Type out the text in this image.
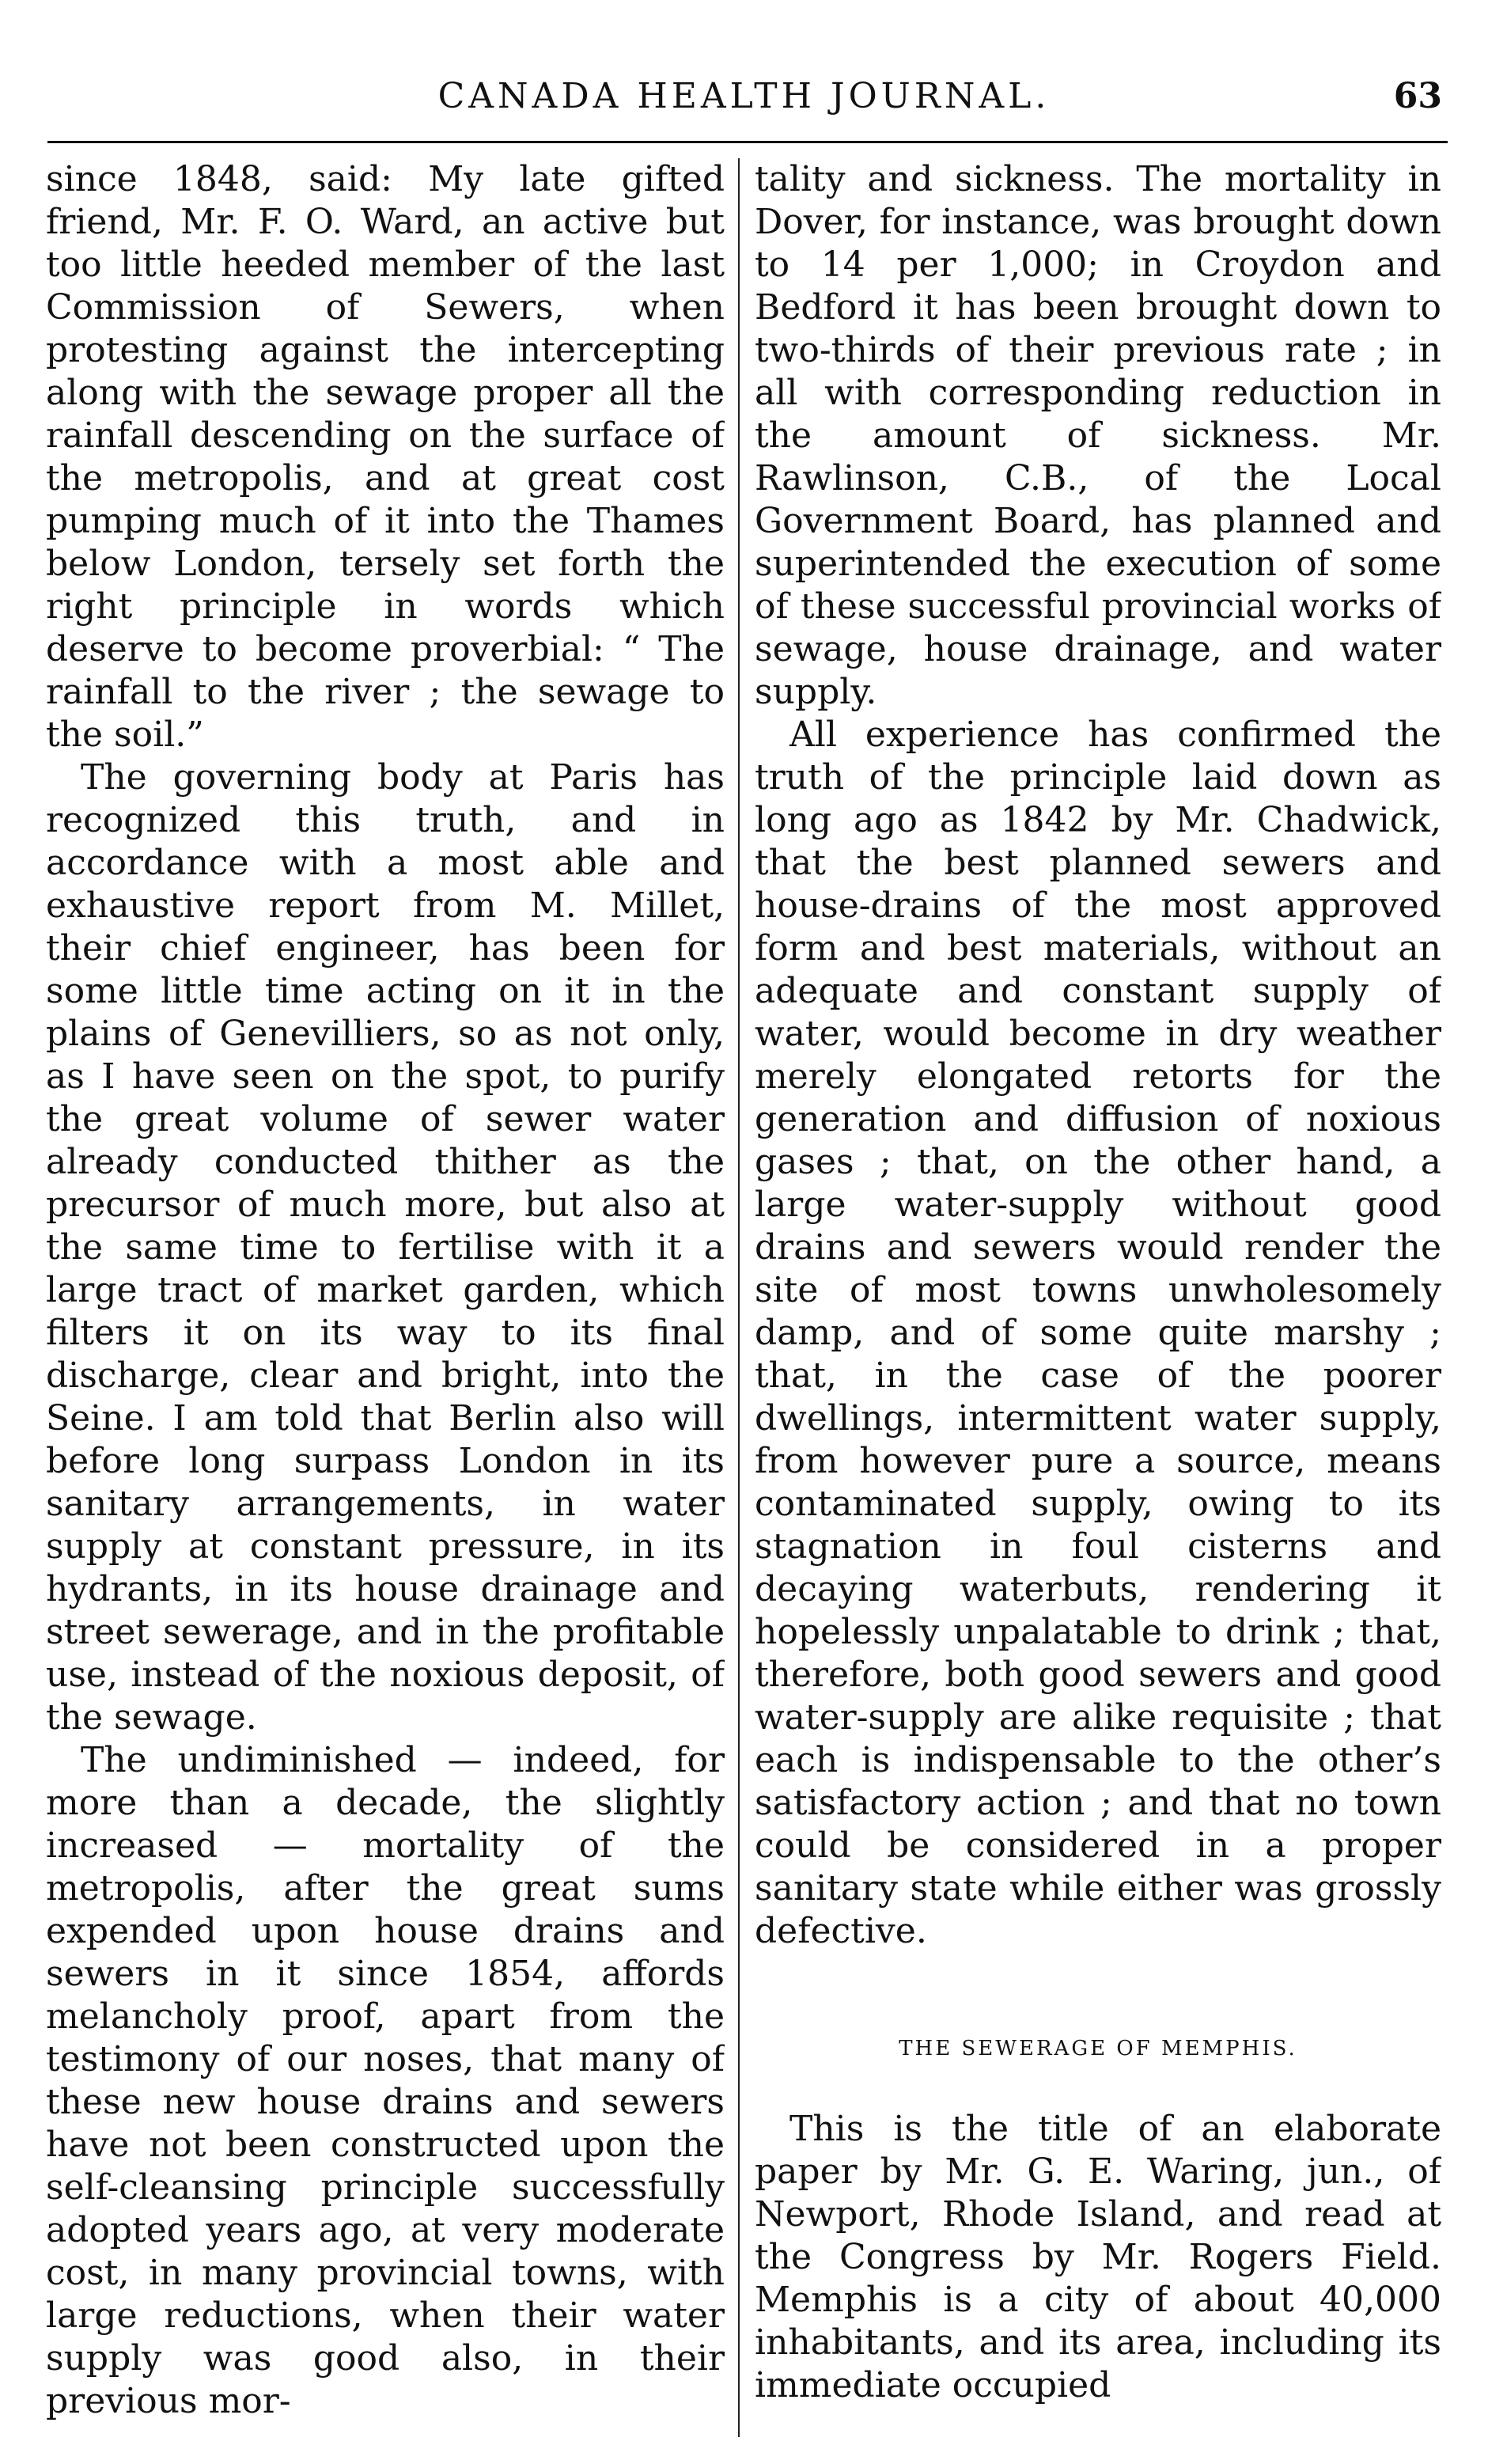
CANADA HEALTH JOURNAL.	63

since 1848, said: My late gifted friend, Mr. F. O. Ward, an active but too little heeded member of the last Commission of Sewers, when protesting against the intercepting along with the sewage proper all the rainfall descending on the surface of the metropolis, and at great cost pumping much of it into the Thames below London, tersely set forth the right principle in words which deserve to become proverbial: “ The rainfall to the river ; the sewage to the soil.”

The governing body at Paris has recognized this truth, and in accordance with a most able and exhaustive report from M. Millet, their chief engineer, has been for some little time acting on it in the plains of Genevilliers, so as not only, as I have seen on the spot, to purify the great volume of sewer water already conducted thither as the precursor of much more, but also at the same time to fertilise with it a large tract of market garden, which filters it on its way to its final discharge, clear and bright, into the Seine. I am told that Berlin also will before long surpass London in its sanitary arrangements, in water supply at constant pressure, in its hydrants, in its house drainage and street sewerage, and in the profitable use, instead of the noxious deposit, of the sewage.

The undiminished — indeed, for more than a decade, the slightly increased — mortality of the metropolis, after the great sums expended upon house drains and sewers in it since 1854, affords melancholy proof, apart from the testimony of our noses, that many of these new house drains and sewers have not been constructed upon the self-cleansing principle successfully adopted years ago, at very moderate cost, in many provincial towns, with large reductions, when their water supply was good also, in their previous mor-

tality and sickness. The mortality in Dover, for instance, was brought down to 14 per 1,000; in Croydon and Bedford it has been brought down to two-thirds of their previous rate ; in all with corresponding reduction in the amount of sickness. Mr. Rawlinson, C.B., of the Local Government Board, has planned and superintended the execution of some of these successful provincial works of sewage, house drainage, and water supply.

All experience has confirmed the truth of the principle laid down as long ago as 1842 by Mr. Chadwick, that the best planned sewers and house-drains of the most approved form and best materials, without an adequate and constant supply of water, would become in dry weather merely elongated retorts for the generation and diffusion of noxious gases ; that, on the other hand, a large water-supply without good drains and sewers would render the site of most towns unwholesomely damp, and of some quite marshy ; that, in the case of the poorer dwellings, intermittent water supply, from however pure a source, means contaminated supply, owing to its stagnation in foul cisterns and decaying waterbuts, rendering it hopelessly unpalatable to drink ; that, therefore, both good sewers and good water-supply are alike requisite ; that each is indispensable to the other’s satisfactory action ; and that no town could be considered in a proper sanitary state while either was grossly defective.

THE SEWERAGE OF MEMPHIS.

This is the title of an elaborate paper by Mr. G. E. Waring, jun., of Newport, Rhode Island, and read at the Congress by Mr. Rogers Field. Memphis is a city of about 40,000 inhabitants, and its area, including its immediate occupied
